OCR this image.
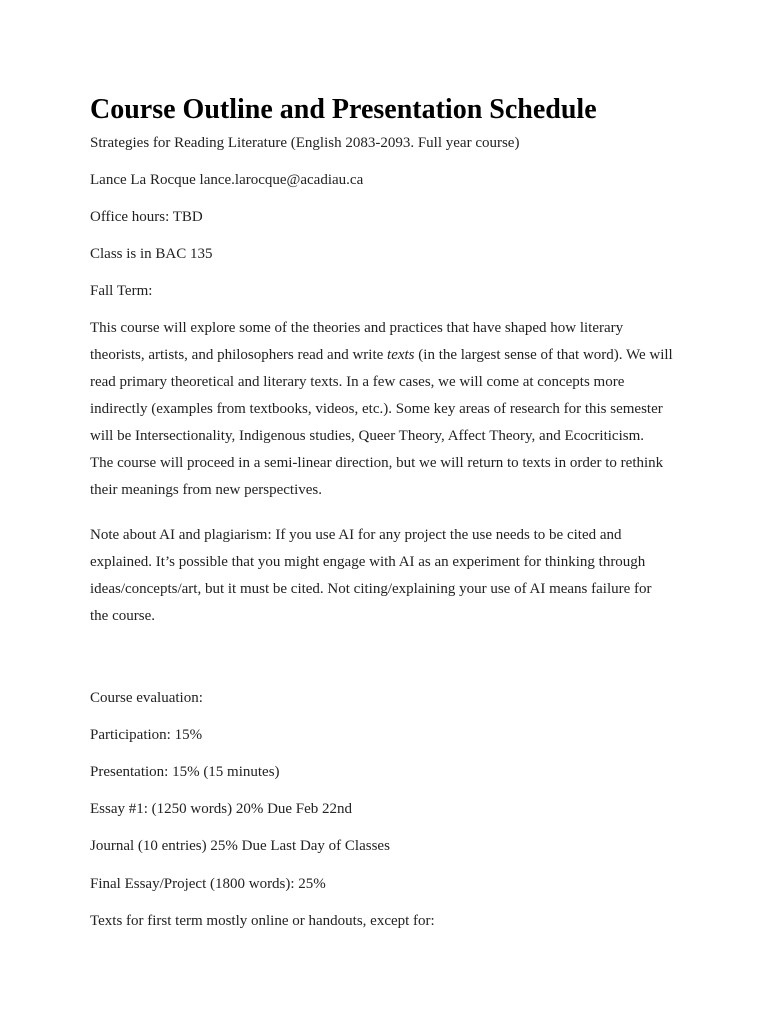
Course Outline and Presentation Schedule

Strategies for Reading Literature (English 2083-2093. Full year course)

Lance La Rocque lance.larocque@acadiau.ca

Office hours: TBD

Class is in BAC 135

Fall Term:

This course will explore some of the theories and practices that have shaped how literary
theorists, artists, and philosophers read and write texts (in the largest sense of that word). We will
read primary theoretical and literary texts. In a few cases, we will come at concepts more
indirectly (examples from textbooks, videos, etc.). Some key areas of research for this semester
will be Intersectionality, Indigenous studies, Queer Theory, Affect Theory, and Ecocriticism.
The course will proceed in a semi-linear direction, but we will return to texts in order to rethink
their meanings from new perspectives.
Note about AI and plagiarism: If you use AI for any project the use needs to be cited and
explained. It’s possible that you might engage with AI as an experiment for thinking through
ideas/concepts/art, but it must be cited. Not citing/explaining your use of AI means failure for
the course.

Course evaluation:

Participation: 15%

Presentation: 15% (15 minutes)

Essay #1: (1250 words) 20% Due Feb 22nd

Journal (10 entries) 25% Due Last Day of Classes

Final Essay/Project (1800 words): 25%

Texts for first term mostly online or handouts, except for:
